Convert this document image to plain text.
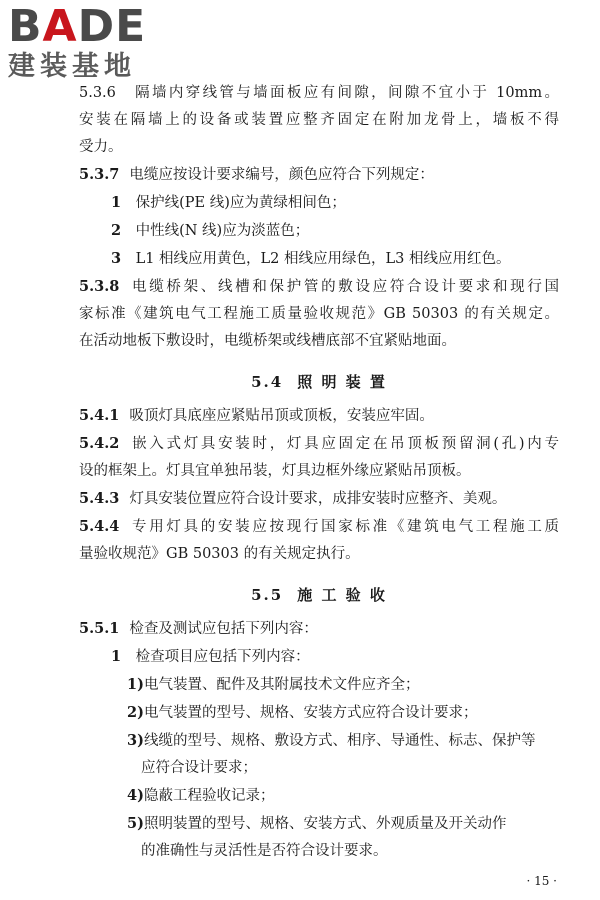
BADE
建装基地
5.3.6　隔墙内穿线管与墙面板应有间隙，间隙不宜小于 10mm。
安装在隔墙上的设备或装置应整齐固定在附加龙骨上，墙板不得
受力。
5.3.7 电缆应按设计要求编号，颜色应符合下列规定：
1　 保护线(PE 线)应为黄绿相间色；
2　 中性线(N 线)应为淡蓝色；
3　 L1 相线应用黄色，L2 相线应用绿色，L3 相线应用红色。
5.3.8 电缆桥架、线槽和保护管的敷设应符合设计要求和现行国
家标准《建筑电气工程施工质量验收规范》GB 50303 的有关规定。
在活动地板下敷设时，电缆桥架或线槽底部不宜紧贴地面。
5.4 照 明 装 置
5.4.1 吸顶灯具底座应紧贴吊顶或顶板，安装应牢固。
5.4.2 嵌入式灯具安装时，灯具应固定在吊顶板预留洞(孔)内专
设的框架上。灯具宜单独吊装，灯具边框外缘应紧贴吊顶板。
5.4.3 灯具安装位置应符合设计要求，成排安装时应整齐、美观。
5.4.4 专用灯具的安装应按现行国家标准《建筑电气工程施工质
量验收规范》GB 50303 的有关规定执行。
5.5 施 工 验 收
5.5.1 检查及测试应包括下列内容：
1　 检查项目应包括下列内容：
1)电气装置、配件及其附属技术文件应齐全；
2)电气装置的型号、规格、安装方式应符合设计要求；
3)线缆的型号、规格、敷设方式、相序、导通性、标志、保护等
应符合设计要求；
4)隐蔽工程验收记录；
5)照明装置的型号、规格、安装方式、外观质量及开关动作
的准确性与灵活性是否符合设计要求。
· 15 ·
